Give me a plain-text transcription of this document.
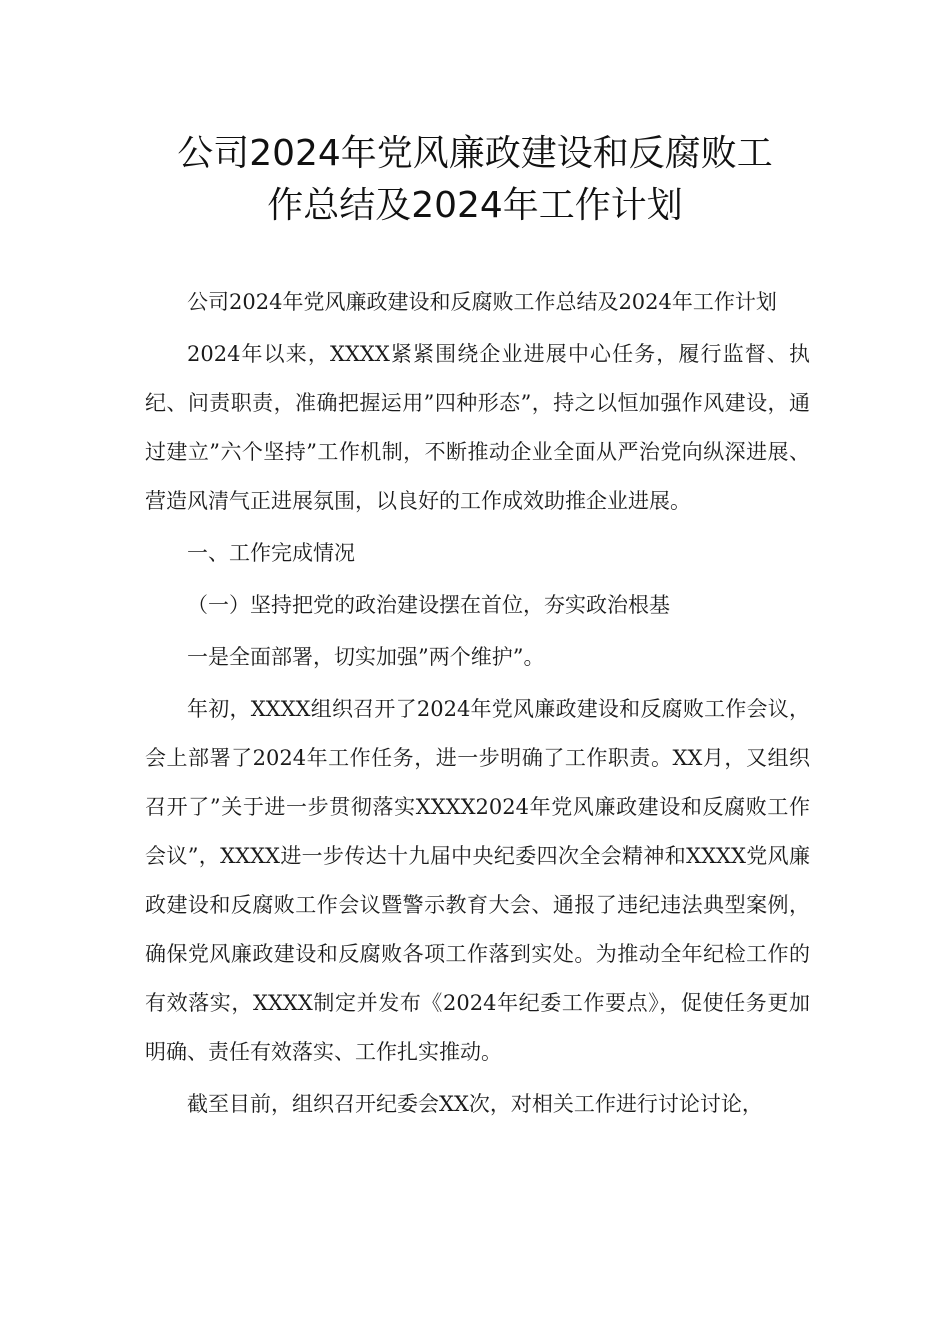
公司2024年党风廉政建设和反腐败工
作总结及2024年工作计划

公司2024年党风廉政建设和反腐败工作总结及2024年工作计划

2024年以来，XXXX紧紧围绕企业进展中心任务，履行监督、执纪、问责职责，准确把握运用”四种形态”，持之以恒加强作风建设，通过建立”六个坚持”工作机制，不断推动企业全面从严治党向纵深进展、营造风清气正进展氛围，以良好的工作成效助推企业进展。

一、工作完成情况

（一）坚持把党的政治建设摆在首位，夯实政治根基

一是全面部署，切实加强”两个维护”。

年初，XXXX组织召开了2024年党风廉政建设和反腐败工作会议，会上部署了2024年工作任务，进一步明确了工作职责。XX月，又组织召开了”关于进一步贯彻落实XXXX2024年党风廉政建设和反腐败工作会议”，XXXX进一步传达十九届中央纪委四次全会精神和XXXX党风廉政建设和反腐败工作会议暨警示教育大会、通报了违纪违法典型案例，确保党风廉政建设和反腐败各项工作落到实处。为推动全年纪检工作的有效落实，XXXX制定并发布《2024年纪委工作要点》，促使任务更加明确、责任有效落实、工作扎实推动。

截至目前，组织召开纪委会XX次，对相关工作进行讨论讨论，
